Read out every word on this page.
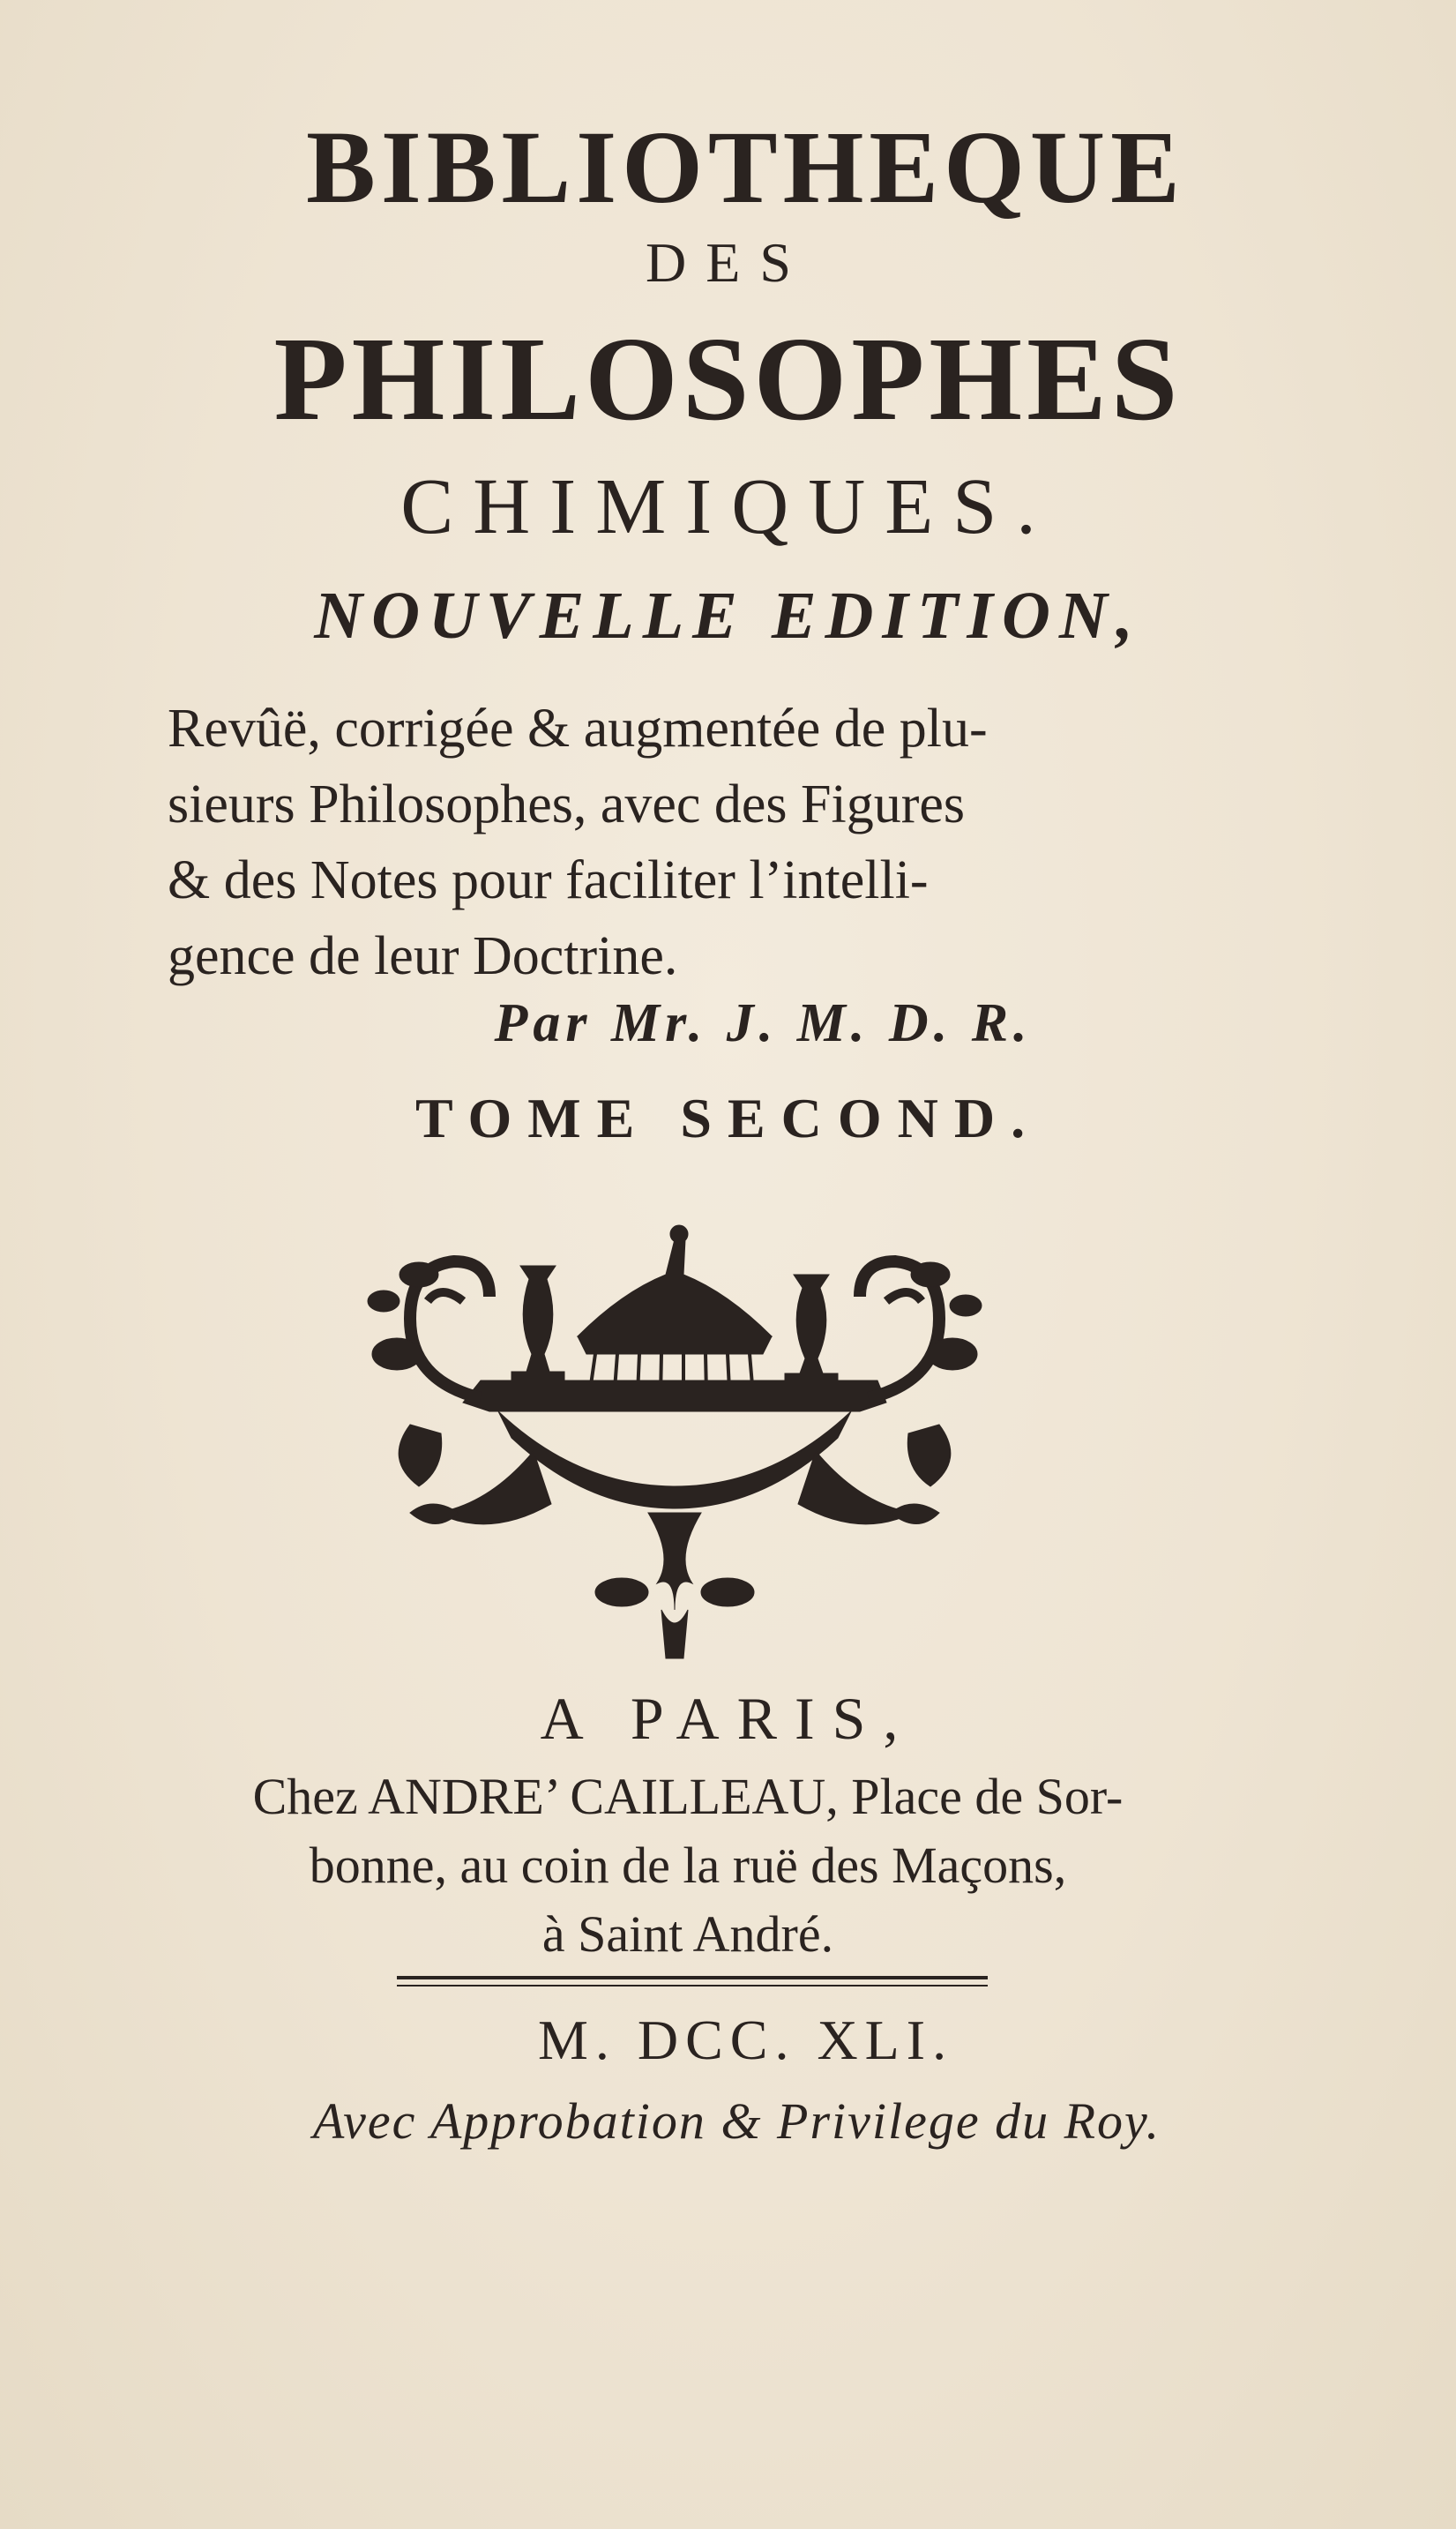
BIBLIOTHEQUE
DES
PHILOSOPHES
CHIMIQUES.
NOUVELLE EDITION,
Revûë, corrigée & augmentée de plu-
sieurs Philosophes, avec des Figures
& des Notes pour faciliter l’intelli-
gence de leur Doctrine.
Par Mr. J. M. D. R.
TOME SECOND.
A PARIS,
Chez ANDRE’ CAILLEAU, Place de Sor-
bonne, au coin de la ruë des Maçons,
à Saint André.
M. DCC. XLI.
Avec Approbation & Privilege du Roy.
